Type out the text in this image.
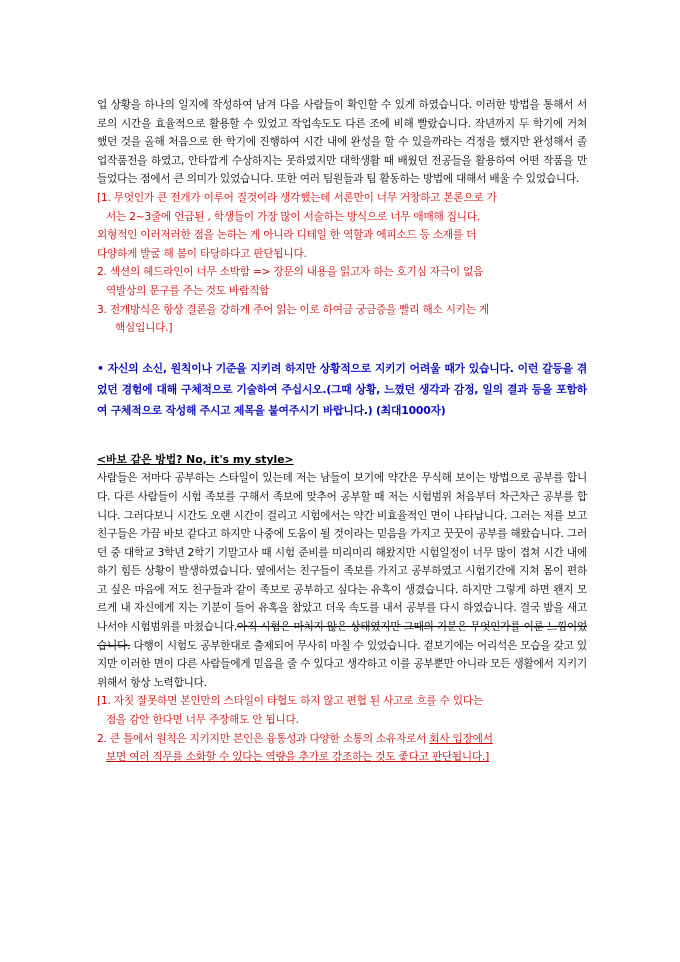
업 상황을 하나의 일지에 작성하여 남겨 다음 사람들이 확인할 수 있게 하였습니다. 이러한 방법을 통해서 서로의 시간을 효율적으로 활용할 수 있었고 작업속도도 다른 조에 비해 빨랐습니다. 작년까지 두 학기에 거쳐 했던 것을 올해 처음으로 한 학기에 진행하여 시간 내에 완성을 할 수 있을까라는 걱정을 했지만 완성해서 졸업작품전을 하였고, 안타깝게 수상하지는 못하였지만 대학생활 때 배웠던 전공들을 활용하여 어떤 작품을 만들었다는 점에서 큰 의미가 있었습니다. 또한 여러 팀원들과 팀 활동하는 방법에 대해서 배울 수 있었습니다.

[1. 무엇인가 큰 전개가 이루어 질것이라 생각했는데 서론만이 너무 거창하고 본론으로 가
서는 2~3줄에 언급된 , 학생들이 가장 많이 서술하는 방식으로 너무 애매해 집니다.
외형적인 이러저러한 점을 논하는 게 아니라 디테일 한 역할과 에피소드 등 소재를 더
다양하게 발굴 해 봄이 타당하다고 판단됩니다.
2. 섹션의 헤드라인이 너무 소박함 => 장문의 내용을 읽고자 하는 호기심 자극이 없음
역발상의 문구를 주는 것도 바람직함
3. 전개방식은 항상 결론을 강하게 주어 읽는 이로 하여금 궁금증을 빨리 해소 시키는 게
핵심입니다.]

• 자신의 소신, 원칙이나 기준을 지키려 하지만 상황적으로 지키기 어려울 때가 있습니다. 이런 갈등을 겪었던 경험에 대해 구체적으로 기술하여 주십시오.(그때 상황, 느꼈던 생각과 감정, 일의 결과 등을 포함하여 구체적으로 작성해 주시고 제목을 붙여주시기 바랍니다.) (최대1000자)

<바보 같은 방법? No, it's my style>

사람들은 저마다 공부하는 스타일이 있는데 저는 남들이 보기에 약간은 무식해 보이는 방법으로 공부를 합니다. 다른 사람들이 시험 족보를 구해서 족보에 맞추어 공부할 때 저는 시험범위 처음부터 차근차근 공부를 합니다. 그러다보니 시간도 오랜 시간이 걸리고 시험에서는 약간 비효율적인 면이 나타납니다. 그러는 저를 보고 친구들은 가끔 바보 같다고 하지만 나중에 도움이 될 것이라는 믿음을 가지고 꿋꿋이 공부를 해왔습니다. 그러던 중 대학교 3학년 2학기 기말고사 때 시험 준비를 미리미리 해왔지만 시험일정이 너무 많이 겹쳐 시간 내에 하기 힘든 상황이 발생하였습니다. 옆에서는 친구들이 족보를 가지고 공부하였고 시험기간에 지쳐 몸이 편하고 싶은 마음에 저도 친구들과 같이 족보로 공부하고 싶다는 유혹이 생겼습니다. 하지만 그렇게 하면 왠지 모르게 내 자신에게 지는 기분이 들어 유혹을 참았고 더욱 속도를 내서 공부를 다시 하였습니다. 결국 밤을 새고 나서야 시험범위를 마쳤습니다.아직 시험은 마치지 않은 상태였지만 그때의 기분은 무엇인가를 이룬 느낌이었습니다. 다행이 시험도 공부한대로 출제되어 무사히 마칠 수 있었습니다. 겉보기에는 어리석은 모습을 갖고 있지만 이러한 면이 다른 사람들에게 믿음을 줄 수 있다고 생각하고 이를 공부뿐만 아니라 모든 생활에서 지키기 위해서 항상 노력합니다.

[1. 자칫 잘못하면 본인만의 스타일이 타협도 하지 않고 편협 된 사고로 흐를 수 있다는
점을 감안 한다면 너무 주장해도 안 됩니다.
2. 큰 틀에서 원칙은 지키지만 본인은 융통성과 다양한 소통의 소유자로서 회사 입장에서
보면 여러 직무를 소화할 수 있다는 역량을 추가로 강조하는 것도 좋다고 판단됩니다.]
